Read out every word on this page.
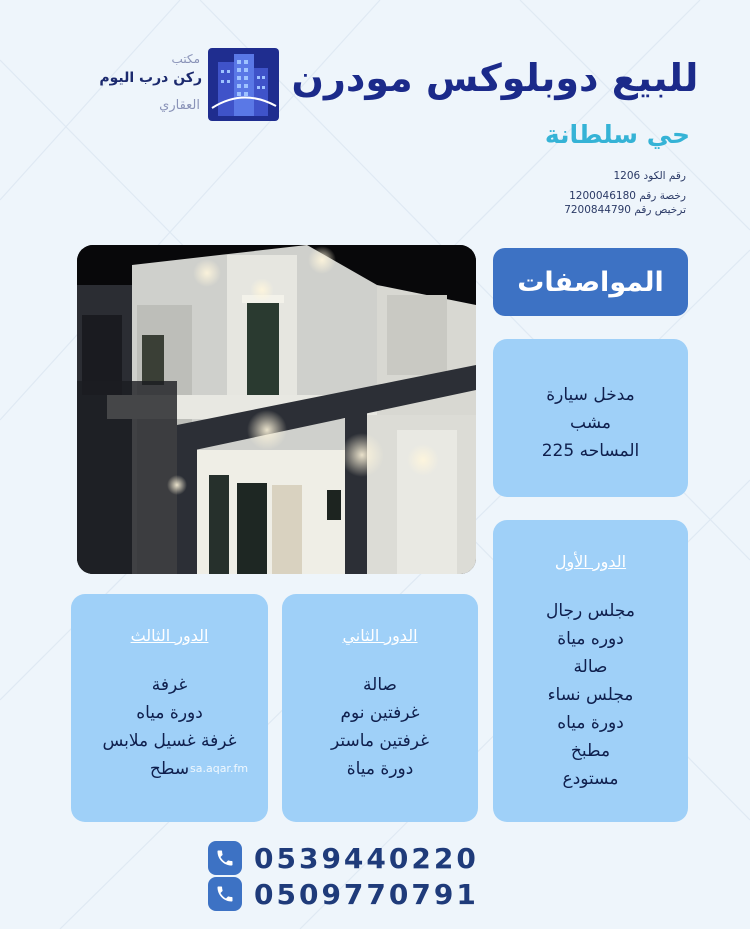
مكتب
ركن درب اليوم
العقاري
للبيع دوبلوكس مودرن
حي سلطانة
رقم الكود 1206
رخصة رقم 1200046180
ترخيص رقم 7200844790
المواصفات
مدخل سيارة
مشب
المساحه 225
الدور الأول
مجلس رجال
دوره مياة
صالة
مجلس نساء
دورة مياه
مطبخ
مستودع
الدور الثاني
صالة
غرفتين نوم
غرفتين ماستر
دورة مياة
الدور الثالث
غرفة
دورة مياه
غرفة غسيل ملابس
سطح sa.aqar.fm
0539440220
0509770791
